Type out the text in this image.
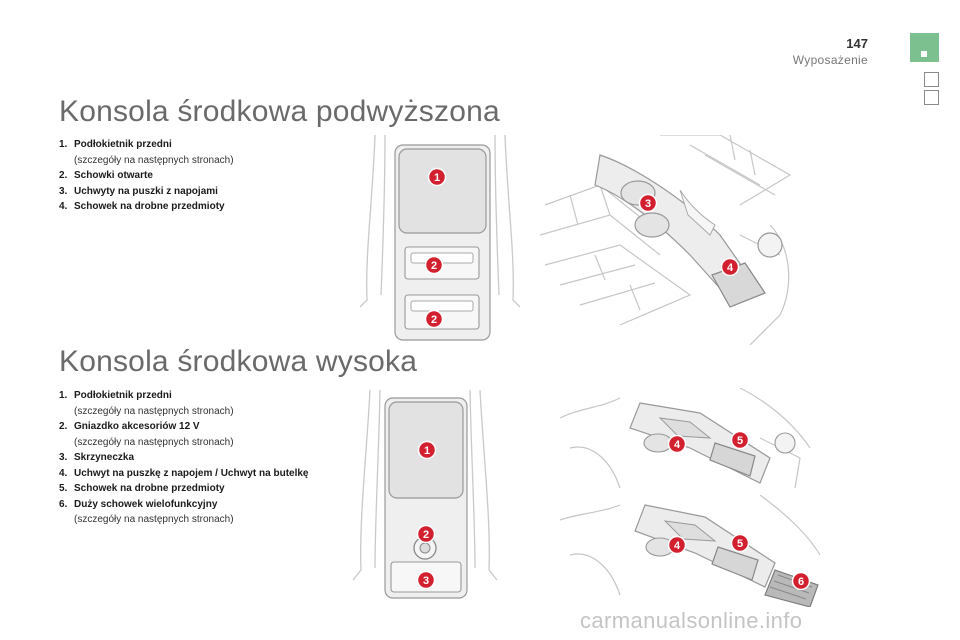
147
Wyposażenie
Konsola środkowa podwyższona
1. Podłokietnik przedni
(szczegóły na następnych stronach)
2. Schowki otwarte
3. Uchwyty na puszki z napojami
4. Schowek na drobne przedmioty
1
2
2
3
4
Konsola środkowa wysoka
1. Podłokietnik przedni
(szczegóły na następnych stronach)
2. Gniazdko akcesoriów 12 V
(szczegóły na następnych stronach)
3. Skrzyneczka
4. Uchwyt na puszkę z napojem / Uchwyt na butelkę
5. Schowek na drobne przedmioty
6. Duży schowek wielofunkcyjny
(szczegóły na następnych stronach)
1
2
3
4	5
4	5
6
carmanualsonline.info
